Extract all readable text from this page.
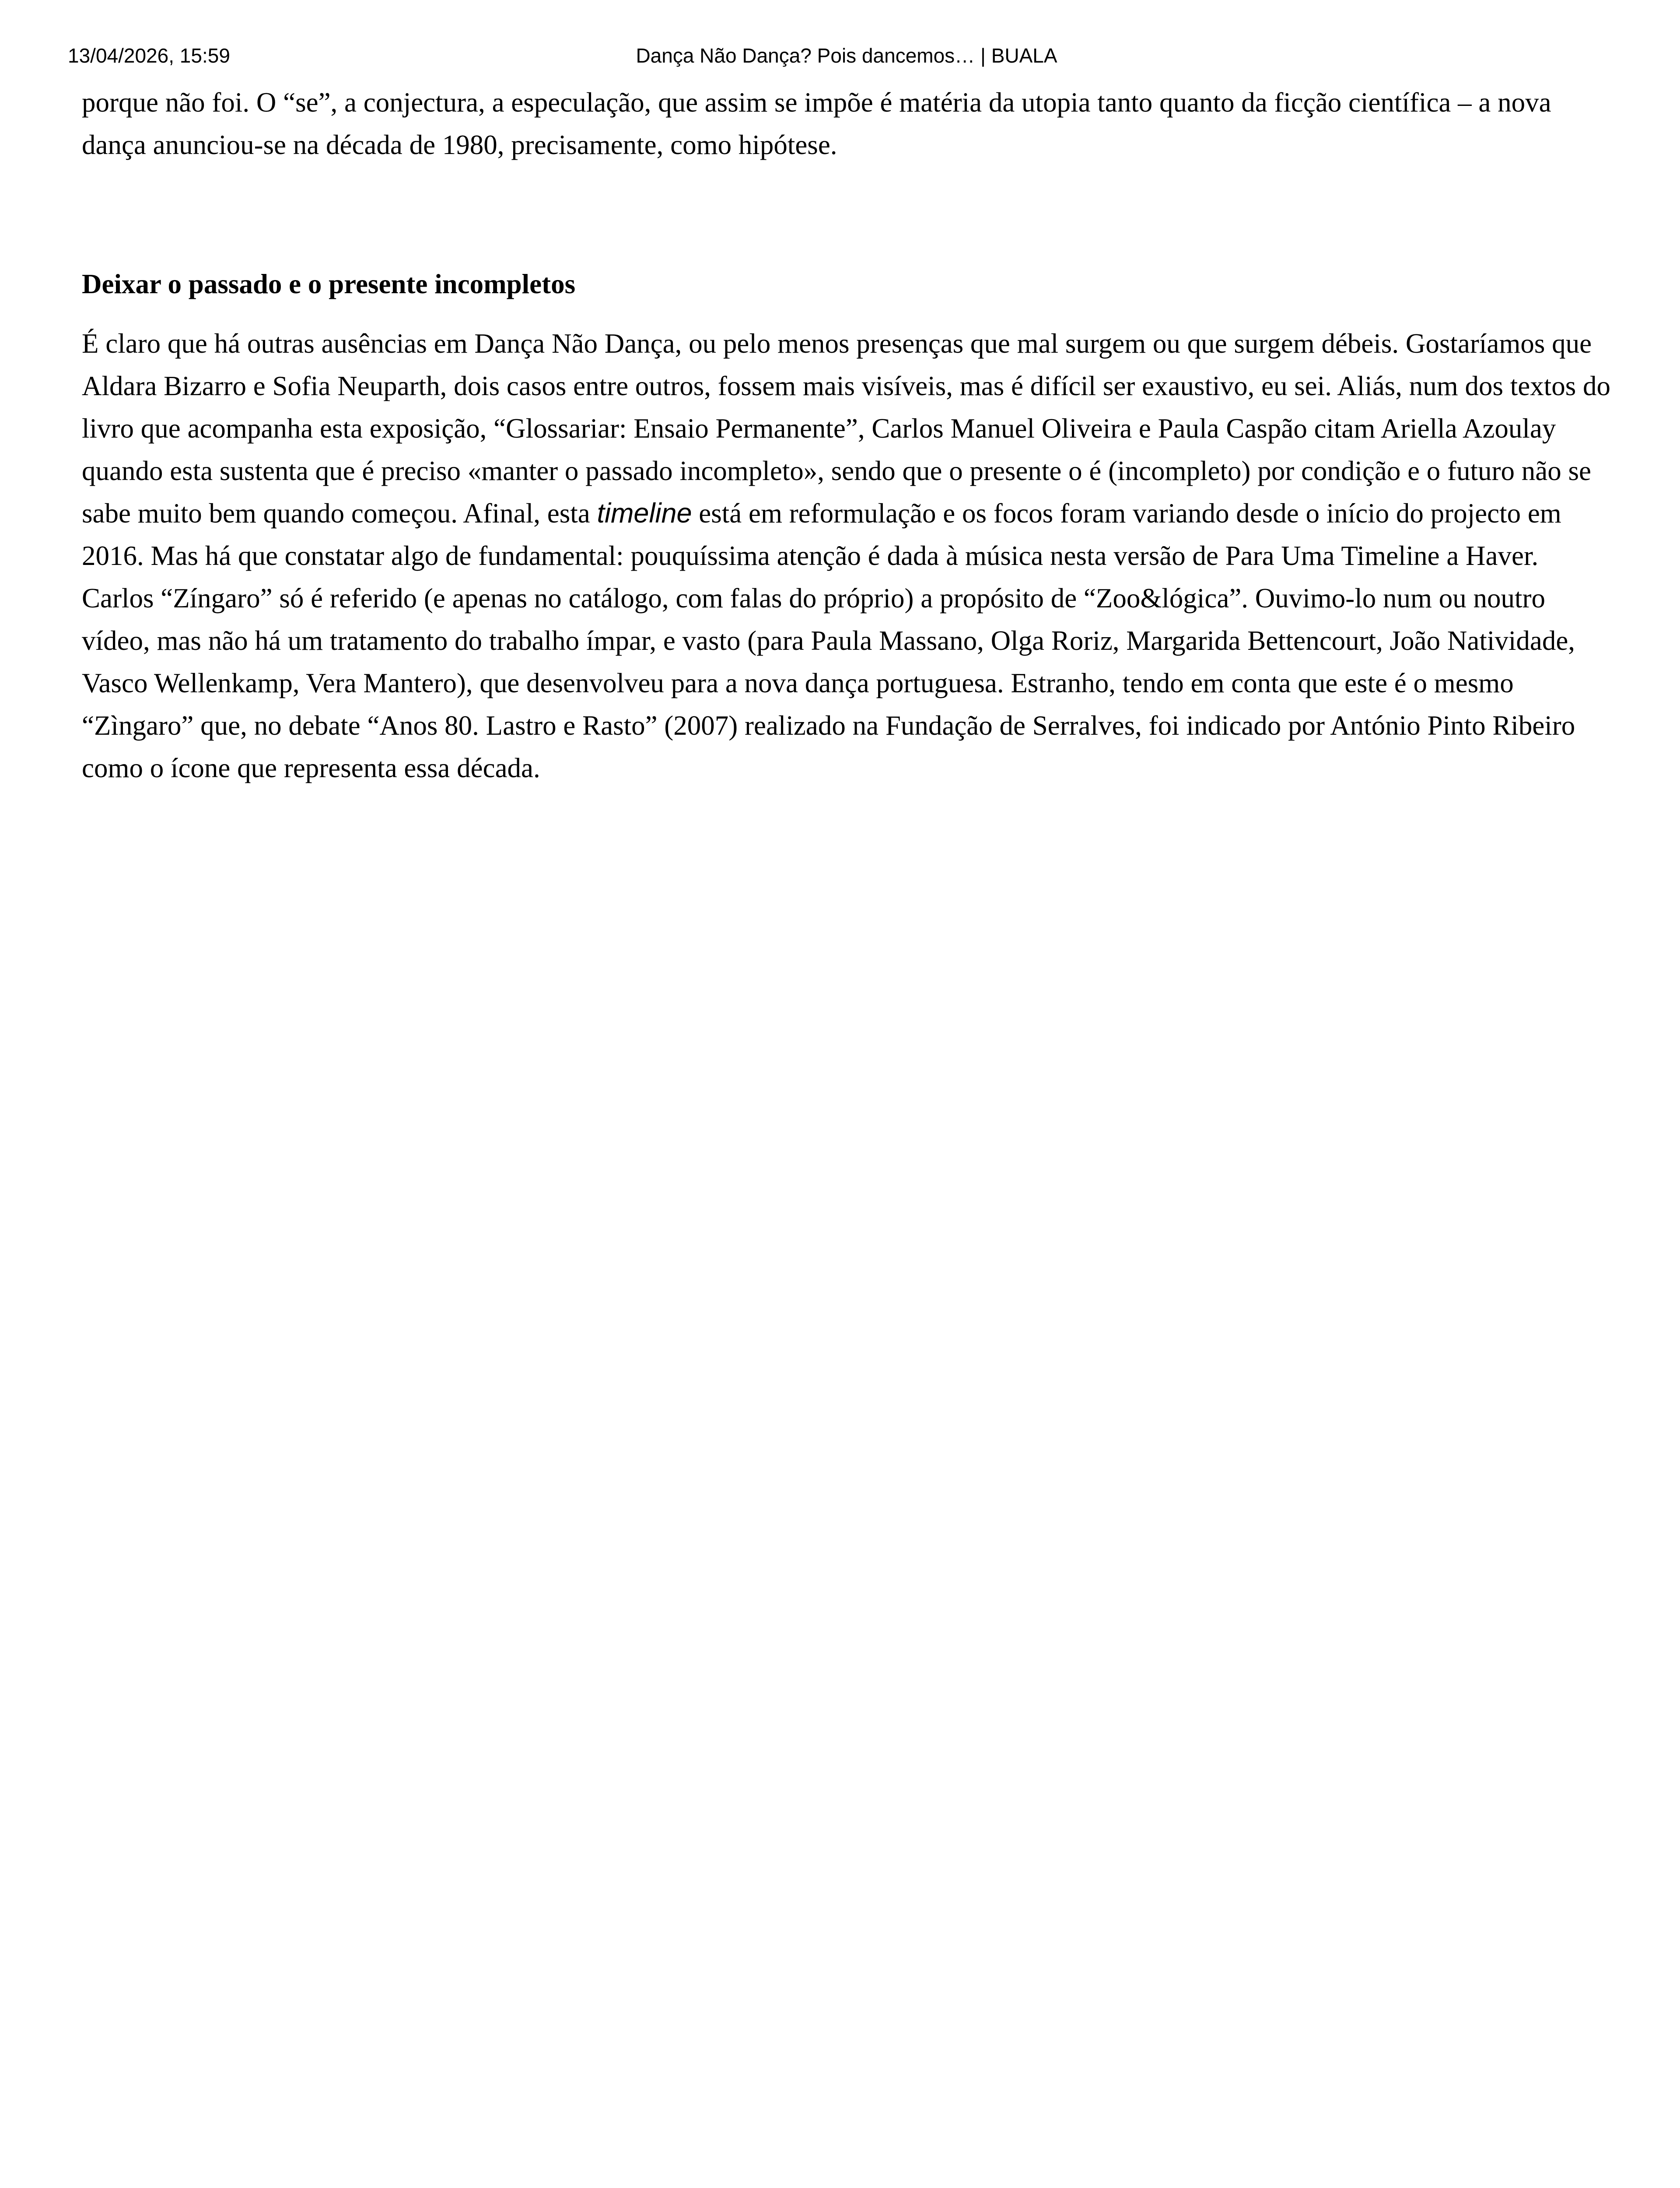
13/04/2026, 15:59	Dança Não Dança? Pois dancemos… | BUALA

porque não foi. O “se”, a conjectura, a especulação, que assim se impõe é matéria da utopia tanto quanto da ficção científica – a nova dança anunciou-se na década de 1980, precisamente, como hipótese.

Deixar o passado e o presente incompletos

É claro que há outras ausências em Dança Não Dança, ou pelo menos presenças que mal surgem ou que surgem débeis. Gostaríamos que Aldara Bizarro e Sofia Neuparth, dois casos entre outros, fossem mais visíveis, mas é difícil ser exaustivo, eu sei. Aliás, num dos textos do livro que acompanha esta exposição, “Glossariar: Ensaio Permanente”, Carlos Manuel Oliveira e Paula Caspão citam Ariella Azoulay quando esta sustenta que é preciso «manter o passado incompleto», sendo que o presente o é (incompleto) por condição e o futuro não se sabe muito bem quando começou. Afinal, esta timeline está em reformulação e os focos foram variando desde o início do projecto em 2016. Mas há que constatar algo de fundamental: pouquíssima atenção é dada à música nesta versão de Para Uma Timeline a Haver. Carlos “Zíngaro” só é referido (e apenas no catálogo, com falas do próprio) a propósito de “Zoo&lógica”. Ouvimo-lo num ou noutro vídeo, mas não há um tratamento do trabalho ímpar, e vasto (para Paula Massano, Olga Roriz, Margarida Bettencourt, João Natividade, Vasco Wellenkamp, Vera Mantero), que desenvolveu para a nova dança portuguesa. Estranho, tendo em conta que este é o mesmo “Zìngaro” que, no debate “Anos 80. Lastro e Rasto” (2007) realizado na Fundação de Serralves, foi indicado por António Pinto Ribeiro como o ícone que representa essa década.
